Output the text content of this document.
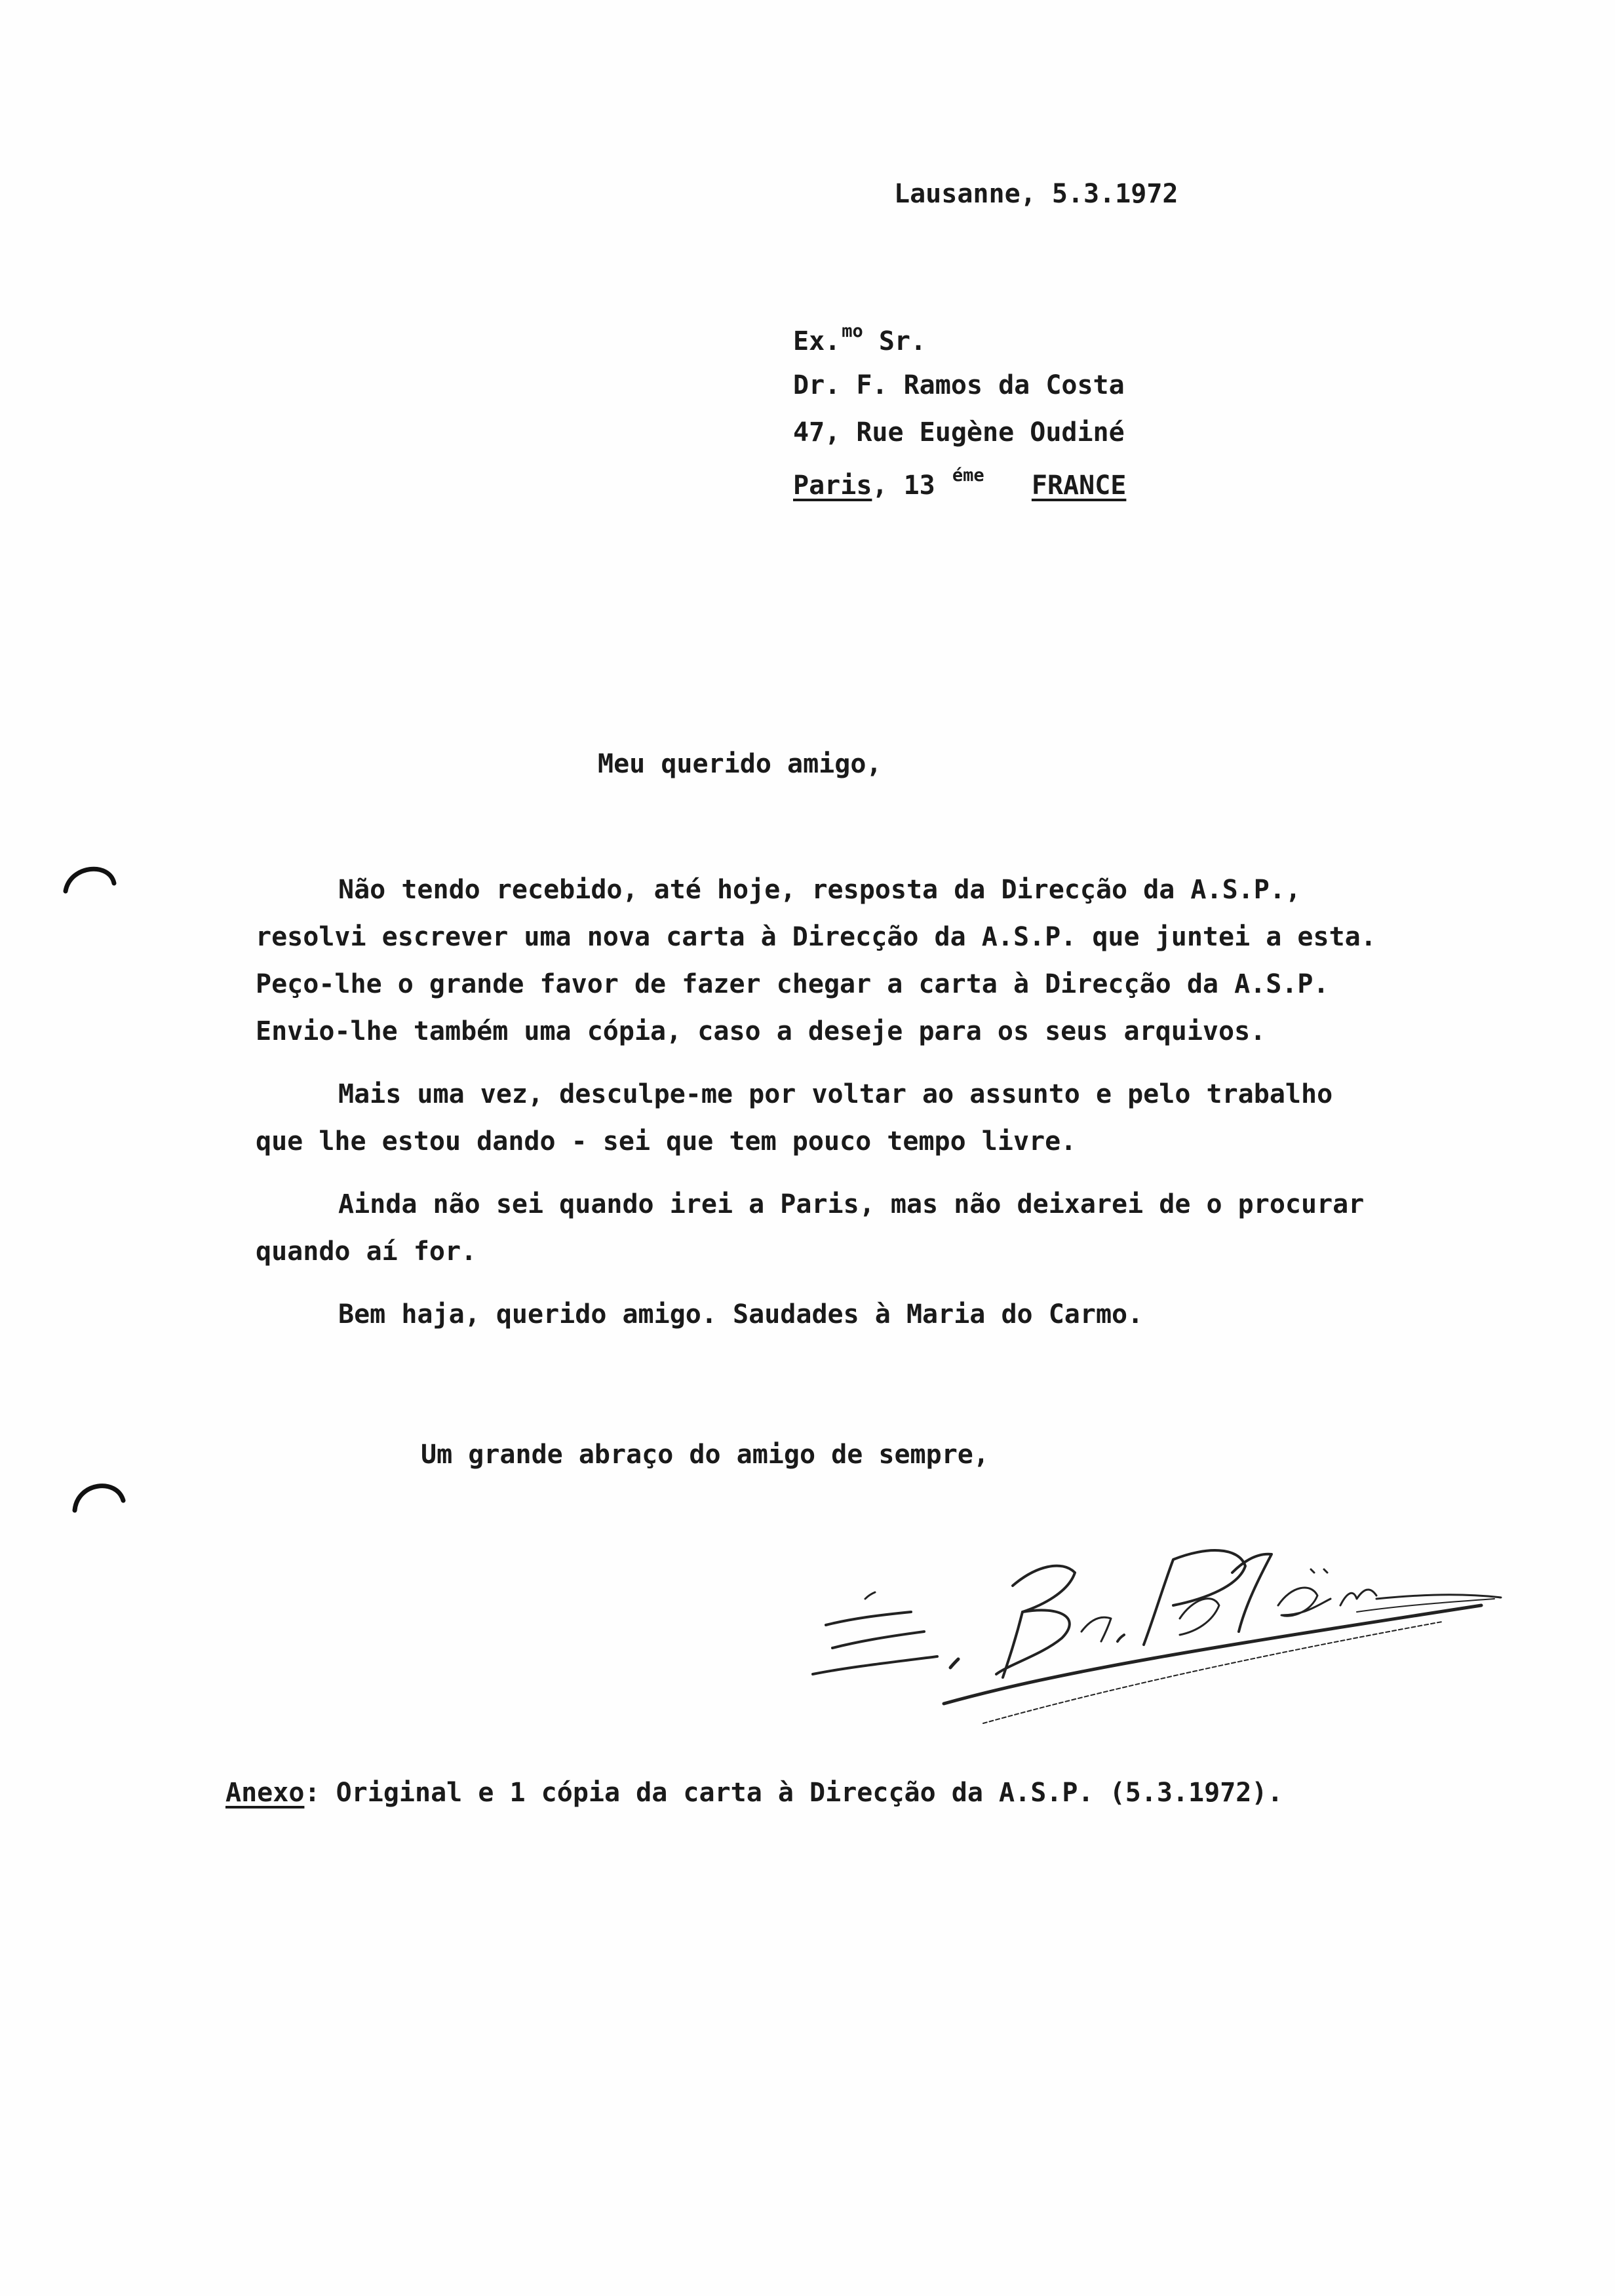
Lausanne, 5.3.1972
Ex.$^{mo}$ Sr.
Dr. F. Ramos da Costa
47, Rue Eugène Oudiné
Paris, 13 $^{éme}$ FRANCE
Meu querido amigo,
Não tendo recebido, até hoje, resposta da Direcção da A.S.P.,
resolvi escrever uma nova carta à Direcção da A.S.P. que juntei a esta.
Peço-lhe o grande favor de fazer chegar a carta à Direcção da A.S.P.
Envio-lhe também uma cópia, caso a deseje para os seus arquivos.
Mais uma vez, desculpe-me por voltar ao assunto e pelo trabalho
que lhe estou dando - sei que tem pouco tempo livre.
Ainda não sei quando irei a Paris, mas não deixarei de o procurar
quando aí for.
Bem haja, querido amigo. Saudades à Maria do Carmo.
Um grande abraço do amigo de sempre,
Anexo: Original e 1 cópia da carta à Direcção da A.S.P. (5.3.1972).
